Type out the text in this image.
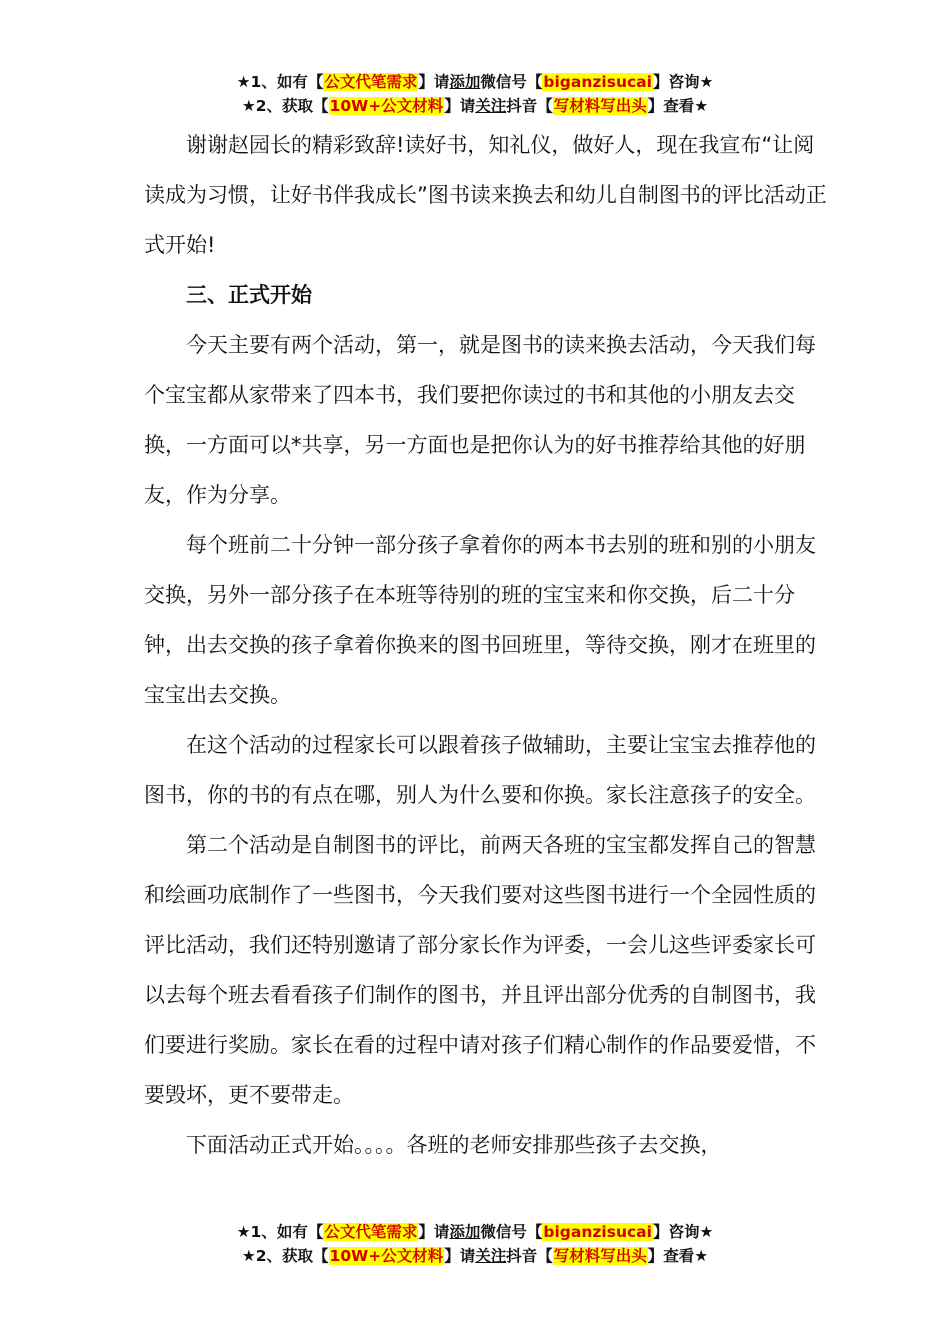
★1、如有【公文代笔需求】请添加微信号【biganzisucai】咨询★
★2、获取【10W+公文材料】请关注抖音【写材料写出头】查看★

谢谢赵园长的精彩致辞!读好书，知礼仪，做好人，现在我宣布“让阅读成为习惯，让好书伴我成长”图书读来换去和幼儿自制图书的评比活动正式开始!

三、正式开始

今天主要有两个活动，第一，就是图书的读来换去活动，今天我们每个宝宝都从家带来了四本书，我们要把你读过的书和其他的小朋友去交换，一方面可以*共享，另一方面也是把你认为的好书推荐给其他的好朋友，作为分享。

每个班前二十分钟一部分孩子拿着你的两本书去别的班和别的小朋友交换，另外一部分孩子在本班等待别的班的宝宝来和你交换，后二十分钟，出去交换的孩子拿着你换来的图书回班里，等待交换，刚才在班里的宝宝出去交换。

在这个活动的过程家长可以跟着孩子做辅助，主要让宝宝去推荐他的图书，你的书的有点在哪，别人为什么要和你换。家长注意孩子的安全。

第二个活动是自制图书的评比，前两天各班的宝宝都发挥自己的智慧和绘画功底制作了一些图书，今天我们要对这些图书进行一个全园性质的评比活动，我们还特别邀请了部分家长作为评委，一会儿这些评委家长可以去每个班去看看孩子们制作的图书，并且评出部分优秀的自制图书，我们要进行奖励。家长在看的过程中请对孩子们精心制作的作品要爱惜，不要毁坏，更不要带走。

下面活动正式开始。。。。各班的老师安排那些孩子去交换，

★1、如有【公文代笔需求】请添加微信号【biganzisucai】咨询★
★2、获取【10W+公文材料】请关注抖音【写材料写出头】查看★
